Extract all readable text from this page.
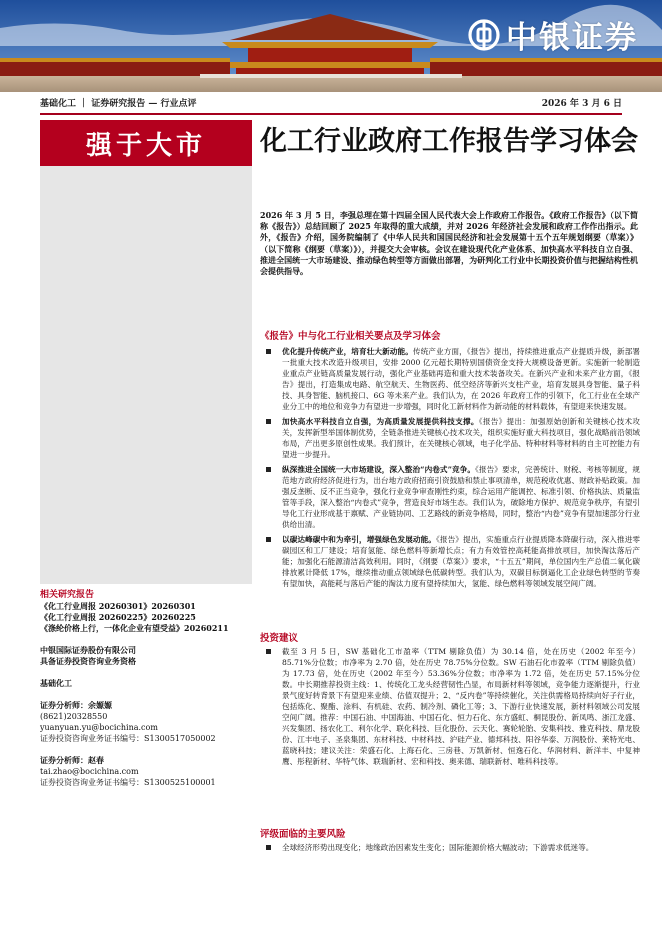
中银证券
基础化工 ｜ 证券研究报告 — 行业点评	2026 年 3 月 6 日
强于大市
相关研究报告
《化工行业周报 20260301》20260301
《化工行业周报 20260225》20260225
《涤纶价格上行，一体化企业有望受益》20260211
中银国际证券股份有限公司
具备证券投资咨询业务资格
基础化工
证券分析师：余嫄嫄
(8621)20328550
yuanyuan.yu@bocichina.com
证券投资咨询业务证书编号：S1300517050002
证券分析师：赵春
tai.zhao@bocichina.com
证券投资咨询业务证书编号：S1300525100001
化工行业政府工作报告学习体会
2026 年 3 月 5 日，李强总理在第十四届全国人民代表大会上作政府工作报告。《政府工作报告》（以下简称《报告》）总结回顾了 2025 年取得的重大成绩，并对 2026 年经济社会发展和政府工作作出指示。此外，《报告》介绍，国务院编制了《中华人民共和国国民经济和社会发展第十五个五年规划纲要（草案）》（以下简称《纲要（草案）》），并提交大会审核。会议在建设现代化产业体系、加快高水平科技自立自强、推进全国统一大市场建设、推动绿色转型等方面做出部署，为研判化工行业中长期投资价值与把握结构性机会提供指导。
《报告》中与化工行业相关要点及学习体会
优化提升传统产业，培育壮大新动能。传统产业方面，《报告》提出，持续推进重点产业提质升级，新部署一批重大技术改造升级项目，安排 2000 亿元超长期特别国债资金支持大规模设备更新。实施新一轮制造业重点产业链高质量发展行动，强化产业基础再造和重大技术装备攻关。在新兴产业和未来产业方面，《报告》提出，打造集成电路、航空航天、生物医药、低空经济等新兴支柱产业，培育发展具身智能、量子科技、具身智能、脑机接口、6G 等未来产业。我们认为，在 2026 年政府工作的引领下，化工行业在全球产业分工中的地位和竞争力有望进一步增强，同时化工新材料作为新动能的材料载体，有望迎来快速发展。
加快高水平科技自立自强，为高质量发展提供科技支撑。《报告》提出：加强原始创新和关键核心技术攻关，发挥新型举国体制优势，全链条推进关键核心技术攻关，组织实施好重大科技项目，强化战略前沿领域布局，产出更多原创性成果。我们预计，在关键核心领域，电子化学品、特种材料等材料的自主可控能力有望进一步提升。
纵深推进全国统一大市场建设，深入整治“内卷式”竞争。《报告》要求，完善统计、财税、考核等制度，规范地方政府经济促进行为，出台地方政府招商引资鼓励和禁止事项清单，规范税收优惠、财政补贴政策。加强反垄断、反不正当竞争，强化行业竞争审查刚性约束，综合运用产能调控、标准引领、价格执法、质量监管等手段，深入整治“内卷式”竞争，营造良好市场生态。我们认为，破除地方保护、规范竞争秩序，有望引导化工行业形成基于禀赋、产业链协同、工艺路线的新竞争格局，同时，整治“内卷”竞争有望加速部分行业供给出清。
以碳达峰碳中和为牵引，增强绿色发展动能。《报告》提出，实施重点行业提质降本降碳行动，深入推进零碳园区和工厂建设；培育氢能、绿色燃料等新增长点；有力有效管控高耗能高排放项目，加快淘汰落后产能；加强化石能源清洁高效利用。同时，《纲要（草案）》要求，“十五五”期间，单位国内生产总值二氧化碳排放累计降低 17%，继续推动重点领域绿色低碳转型。我们认为，双碳目标倒逼化工企业绿色转型的节奏有望加快，高能耗与落后产能的淘汰力度有望持续加大，氢能、绿色燃料等领域发展空间广阔。
投资建议
截至 3 月 5 日，SW 基础化工市盈率（TTM 剔除负值）为 30.14 倍，处在历史（2002 年至今）85.71%分位数；市净率为 2.70 倍，处在历史 78.75%分位数。SW 石油石化市盈率（TTM 剔除负值）为 17.73 倍，处在历史（2002 年至今）53.36%分位数；市净率为 1.72 倍，处在历史 57.15%分位数。中长期推荐投资主线：1、传统化工龙头经营韧性凸显，布局新材料等领域，竞争能力逐渐提升，行业景气度好转背景下有望迎来业绩、估值双提升；2、“反内卷”等持续催化，关注供需格局持续向好子行业，包括炼化、聚酯、涂料、有机硅、农药、制冷剂、磷化工等；3、下游行业快速发展，新材料领域公司发展空间广阔。推荐：中国石油、中国海油、中国石化、恒力石化、东方盛虹、桐昆股份、新凤鸣、浙江龙盛、兴发集团、扬农化工、利尔化学、联化科技、巨化股份、云天化、赛轮轮胎、安集科技、雅克科技、鼎龙股份、江丰电子、圣泉集团、东材科技、中材科技、沪硅产业、德邦科技、阳谷华泰、万润股份、莱特光电、蓝晓科技；建议关注：荣盛石化、上海石化、三房巷、万凯新材、恒逸石化、华润材料、新洋丰、中复神鹰、彤程新材、华特气体、联瑞新材、宏和科技、奥来德、瑞联新材、唯科科技等。
评级面临的主要风险
全球经济形势出现变化；地缘政治因素发生变化；国际能源价格大幅波动；下游需求低迷等。
